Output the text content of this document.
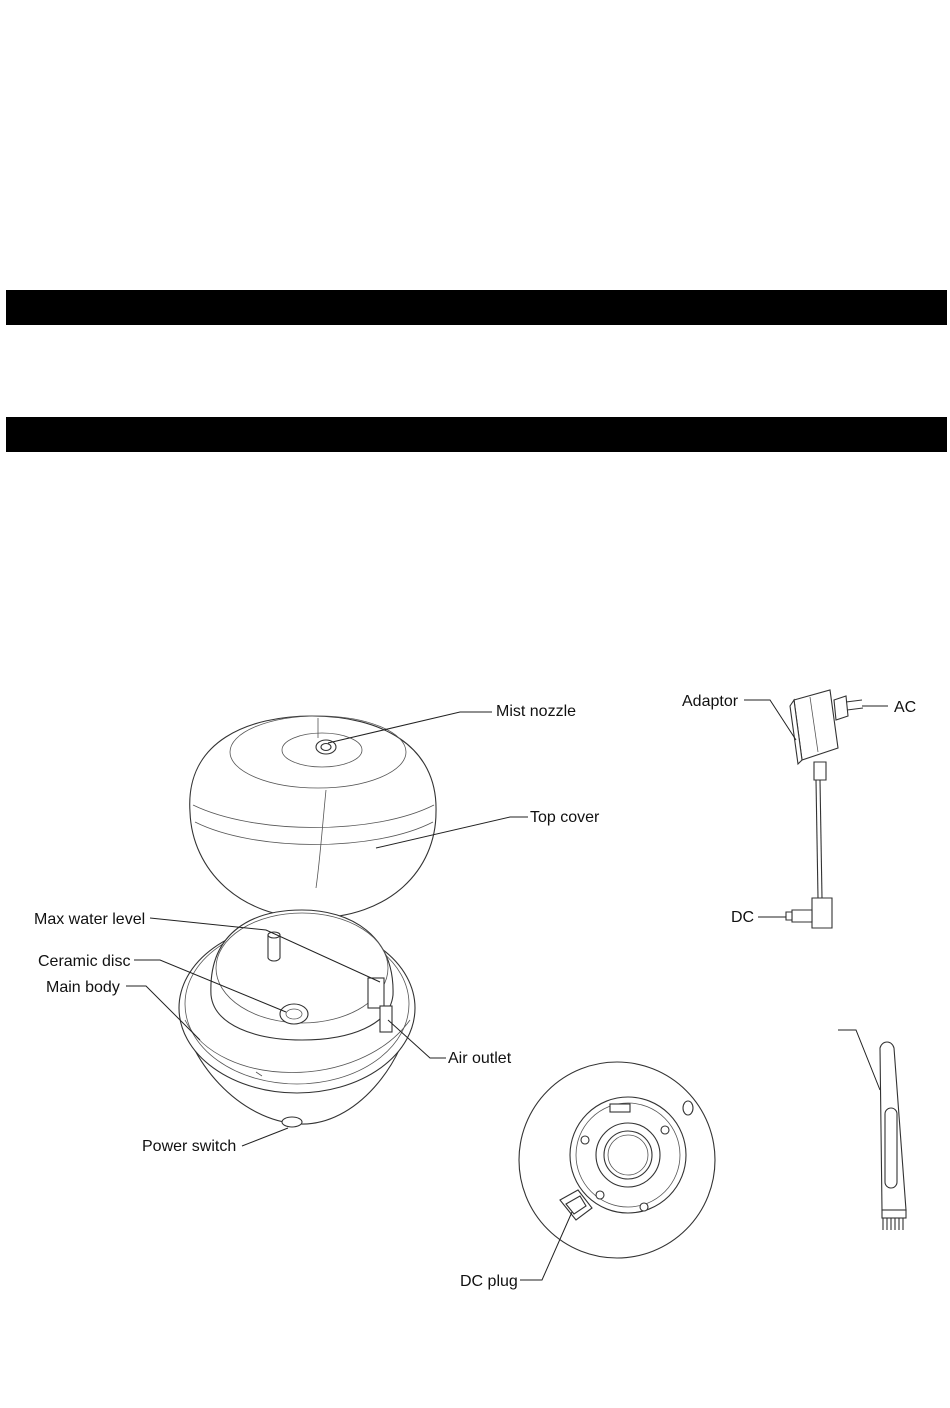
Mist nozzle
Top cover
Max water level
Ceramic disc
Main body
Air outlet
Power switch
Adaptor	AC
DC
DC plug
